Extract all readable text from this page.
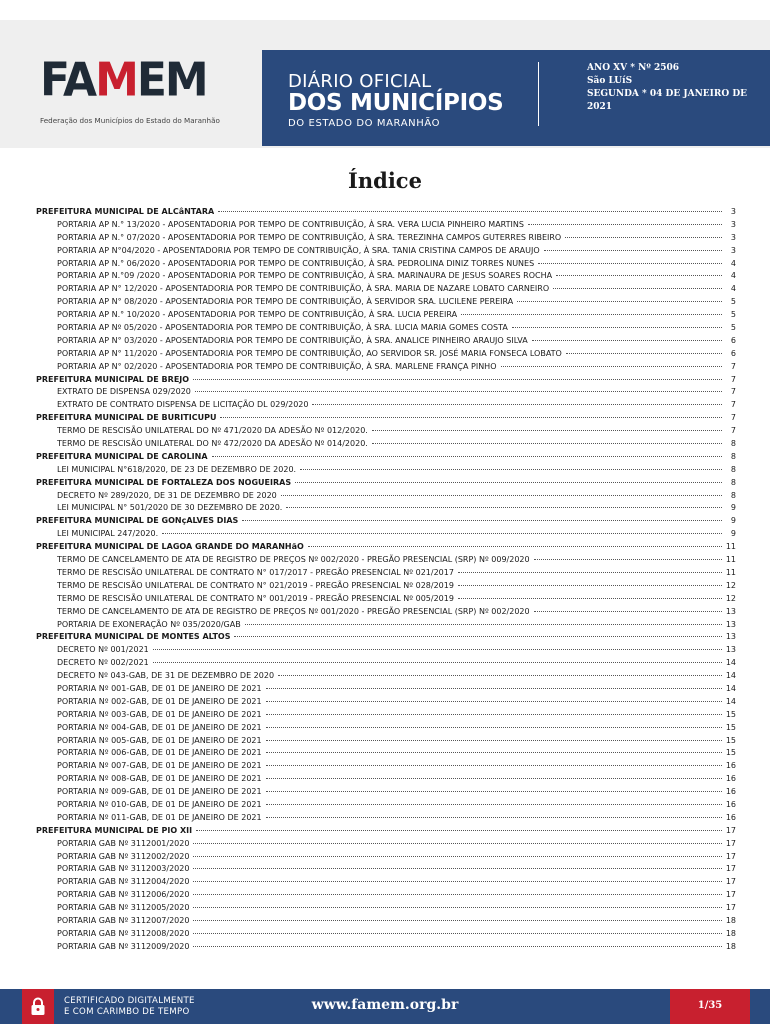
FAMEM
Federação dos Municípios do Estado do Maranhão
DIÁRIO OFICIAL
DOS MUNICÍPIOS
DO ESTADO DO MARANHÃO
ANO XV * Nº 2506
São LUíS
SEGUNDA * 04 DE JANEIRO DE
2021
Índice
PREFEITURA MUNICIPAL DE ALCâNTARA	3
PORTARIA AP N.° 13/2020 - APOSENTADORIA POR TEMPO DE CONTRIBUIÇÃO, À SRA. VERA LUCIA PINHEIRO MARTINS	3
PORTARIA AP N.° 07/2020 - APOSENTADORIA POR TEMPO DE CONTRIBUIÇÃO, À SRA. TEREZINHA CAMPOS GUTERRES RIBEIRO	3
PORTARIA AP N°04/2020 - APOSENTADORIA POR TEMPO DE CONTRIBUIÇÃO, À SRA. TANIA CRISTINA CAMPOS DE ARAUJO	3
PORTARIA AP N.° 06/2020 - APOSENTADORIA POR TEMPO DE CONTRIBUIÇÃO, À SRA. PEDROLINA DINIZ TORRES NUNES	4
PORTARIA AP N.°09 /2020 - APOSENTADORIA POR TEMPO DE CONTRIBUIÇÃO, À SRA. MARINAURA DE JESUS SOARES ROCHA	4
PORTARIA AP N° 12/2020 - APOSENTADORIA POR TEMPO DE CONTRIBUIÇÃO, À SRA. MARIA DE NAZARE LOBATO CARNEIRO	4
PORTARIA AP N° 08/2020 - APOSENTADORIA POR TEMPO DE CONTRIBUIÇÃO, À SERVIDOR SRA. LUCILENE PEREIRA	5
PORTARIA AP N.° 10/2020 - APOSENTADORIA POR TEMPO DE CONTRIBUIÇÃO, À SRA. LUCIA PEREIRA	5
PORTARIA AP Nº 05/2020 - APOSENTADORIA POR TEMPO DE CONTRIBUIÇÃO, À SRA. LUCIA MARIA GOMES COSTA	5
PORTARIA AP N° 03/2020 - APOSENTADORIA POR TEMPO DE CONTRIBUIÇÃO, À SRA. ANALICE PINHEIRO ARAUJO SILVA	6
PORTARIA AP N° 11/2020 - APOSENTADORIA POR TEMPO DE CONTRIBUIÇÃO, AO SERVIDOR SR. JOSÉ MARIA FONSECA LOBATO	6
PORTARIA AP N° 02/2020 - APOSENTADORIA POR TEMPO DE CONTRIBUIÇÃO, À SRA. MARLENE FRANÇA PINHO	7
PREFEITURA MUNICIPAL DE BREJO	7
EXTRATO DE DISPENSA 029/2020	7
EXTRATO DE CONTRATO DISPENSA DE LICITAÇÃO DL 029/2020	7
PREFEITURA MUNICIPAL DE BURITICUPU	7
TERMO DE RESCISÃO UNILATERAL DO Nº 471/2020 DA ADESÃO Nº 012/2020.	7
TERMO DE RESCISÃO UNILATERAL DO Nº 472/2020 DA ADESÃO Nº 014/2020.	8
PREFEITURA MUNICIPAL DE CAROLINA	8
LEI MUNICIPAL N°618/2020, DE 23 DE DEZEMBRO DE 2020.	8
PREFEITURA MUNICIPAL DE FORTALEZA DOS NOGUEIRAS	8
DECRETO Nº 289/2020, DE 31 DE DEZEMBRO DE 2020	8
LEI MUNICIPAL N° 501/2020 DE 30 DEZEMBRO DE 2020.	9
PREFEITURA MUNICIPAL DE GONçALVES DIAS	9
LEI MUNICIPAL 247/2020.	9
PREFEITURA MUNICIPAL DE LAGOA GRANDE DO MARANHãO	11
TERMO DE CANCELAMENTO DE ATA DE REGISTRO DE PREÇOS Nº 002/2020 - PREGÃO PRESENCIAL (SRP) Nº 009/2020	11
TERMO DE RESCISÃO UNILATERAL DE CONTRATO N° 017/2017 - PREGÃO PRESENCIAL Nº 021/2017	11
TERMO DE RESCISÃO UNILATERAL DE CONTRATO N° 021/2019 - PREGÃO PRESENCIAL Nº 028/2019	12
TERMO DE RESCISÃO UNILATERAL DE CONTRATO N° 001/2019 - PREGÃO PRESENCIAL Nº 005/2019	12
TERMO DE CANCELAMENTO DE ATA DE REGISTRO DE PREÇOS Nº 001/2020 - PREGÃO PRESENCIAL (SRP) Nº 002/2020	13
PORTARIA DE EXONERAÇÃO Nº 035/2020/GAB	13
PREFEITURA MUNICIPAL DE MONTES ALTOS	13
DECRETO Nº 001/2021	13
DECRETO Nº 002/2021	14
DECRETO Nº 043-GAB, DE 31 DE DEZEMBRO DE 2020	14
PORTARIA Nº 001-GAB, DE 01 DE JANEIRO DE 2021	14
PORTARIA Nº 002-GAB, DE 01 DE JANEIRO DE 2021	14
PORTARIA Nº 003-GAB, DE 01 DE JANEIRO DE 2021	15
PORTARIA Nº 004-GAB, DE 01 DE JANEIRO DE 2021	15
PORTARIA Nº 005-GAB, DE 01 DE JANEIRO DE 2021	15
PORTARIA Nº 006-GAB, DE 01 DE JANEIRO DE 2021	15
PORTARIA Nº 007-GAB, DE 01 DE JANEIRO DE 2021	16
PORTARIA Nº 008-GAB, DE 01 DE JANEIRO DE 2021	16
PORTARIA Nº 009-GAB, DE 01 DE JANEIRO DE 2021	16
PORTARIA Nº 010-GAB, DE 01 DE JANEIRO DE 2021	16
PORTARIA Nº 011-GAB, DE 01 DE JANEIRO DE 2021	16
PREFEITURA MUNICIPAL DE PIO XII	17
PORTARIA GAB Nº 3112001/2020	17
PORTARIA GAB Nº 3112002/2020	17
PORTARIA GAB Nº 3112003/2020	17
PORTARIA GAB Nº 3112004/2020	17
PORTARIA GAB Nº 3112006/2020	17
PORTARIA GAB Nº 3112005/2020	17
PORTARIA GAB Nº 3112007/2020	18
PORTARIA GAB Nº 3112008/2020	18
PORTARIA GAB Nº 3112009/2020	18
CERTIFICADO DIGITALMENTE
E COM CARIMBO DE TEMPO	www.famem.org.br	1/35
